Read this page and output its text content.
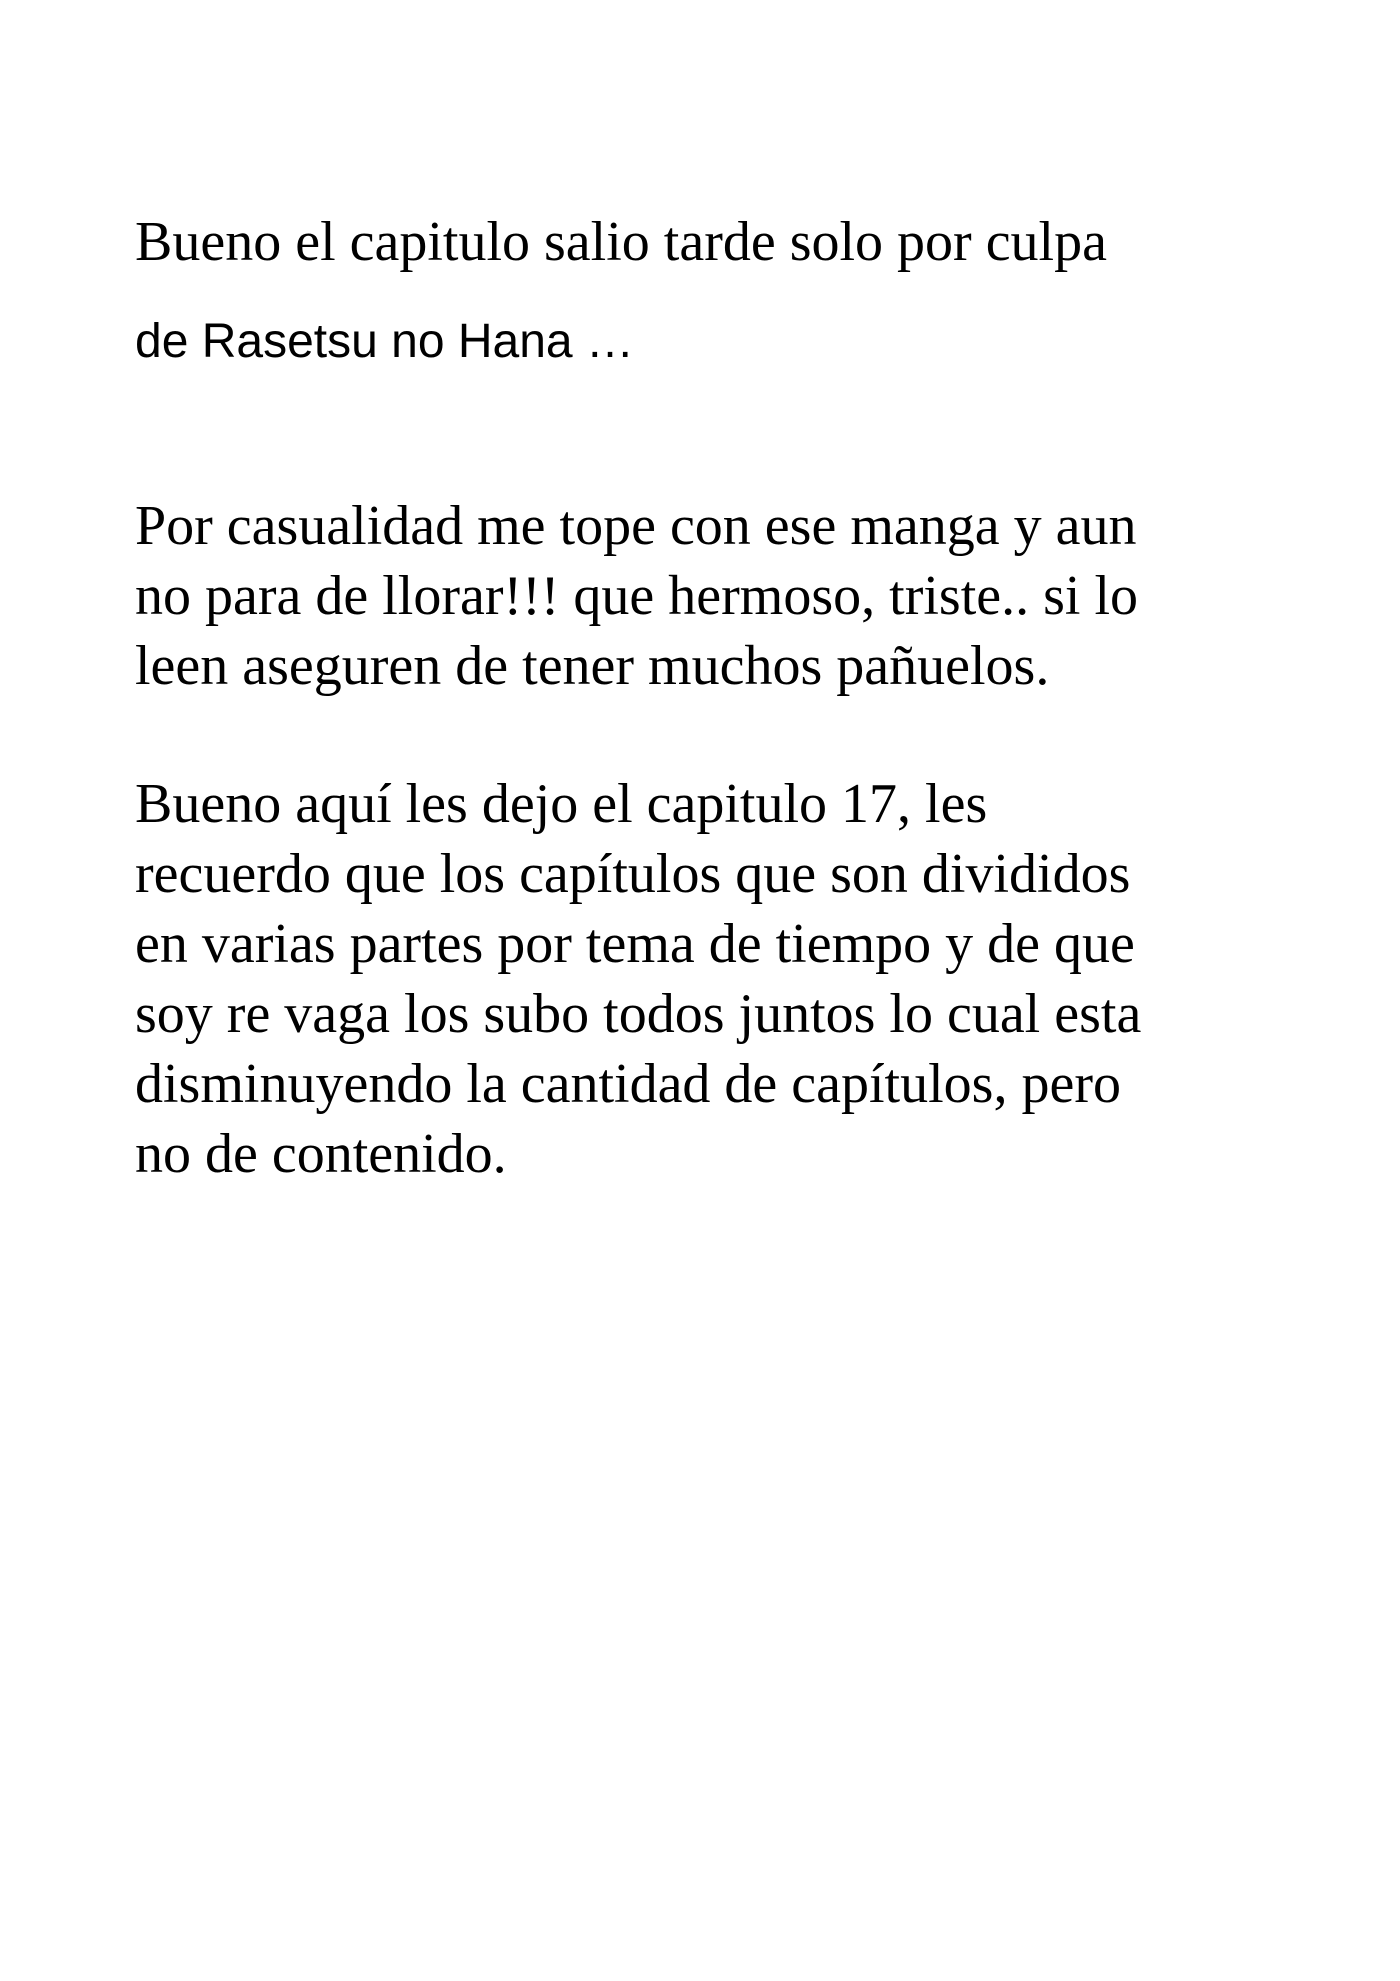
Bueno el capitulo salio tarde solo por culpa
de Rasetsu no Hana …
Por casualidad me tope con ese manga y aun
no para de llorar!!! que hermoso, triste.. si lo
leen aseguren de tener muchos pañuelos.
Bueno aquí les dejo el capitulo 17, les
recuerdo que los capítulos que son divididos
en varias partes por tema de tiempo y de que
soy re vaga los subo todos juntos lo cual esta
disminuyendo la cantidad de capítulos, pero
no de contenido.
